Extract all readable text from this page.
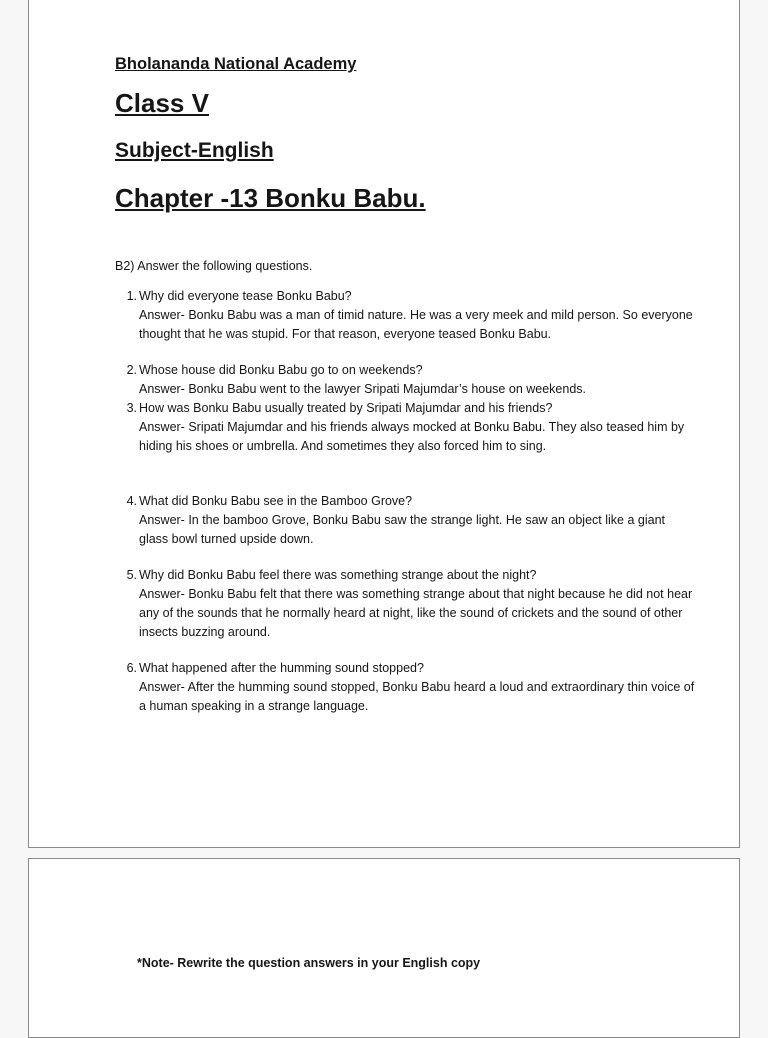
Bholananda National Academy

Class V

Subject-English

Chapter -13 Bonku Babu.

B2) Answer the following questions.

1. Why did everyone tease Bonku Babu?
Answer- Bonku Babu was a man of timid nature. He was a very meek and mild person. So everyone thought that he was stupid. For that reason, everyone teased Bonku Babu.
2. Whose house did Bonku Babu go to on weekends?
Answer- Bonku Babu went to the lawyer Sripati Majumdar’s house on weekends.
3. How was Bonku Babu usually treated by Sripati Majumdar and his friends?
Answer- Sripati Majumdar and his friends always mocked at Bonku Babu. They also teased him by hiding his shoes or umbrella. And sometimes they also forced him to sing.
4. What did Bonku Babu see in the Bamboo Grove?
Answer- In the bamboo Grove, Bonku Babu saw the strange light. He saw an object like a giant glass bowl turned upside down.
5. Why did Bonku Babu feel there was something strange about the night?
Answer- Bonku Babu felt that there was something strange about that night because he did not hear any of the sounds that he normally heard at night, like the sound of crickets and the sound of other insects buzzing around.
6. What happened after the humming sound stopped?
Answer- After the humming sound stopped, Bonku Babu heard a loud and extraordinary thin voice of a human speaking in a strange language.

*Note- Rewrite the question answers in your English copy
